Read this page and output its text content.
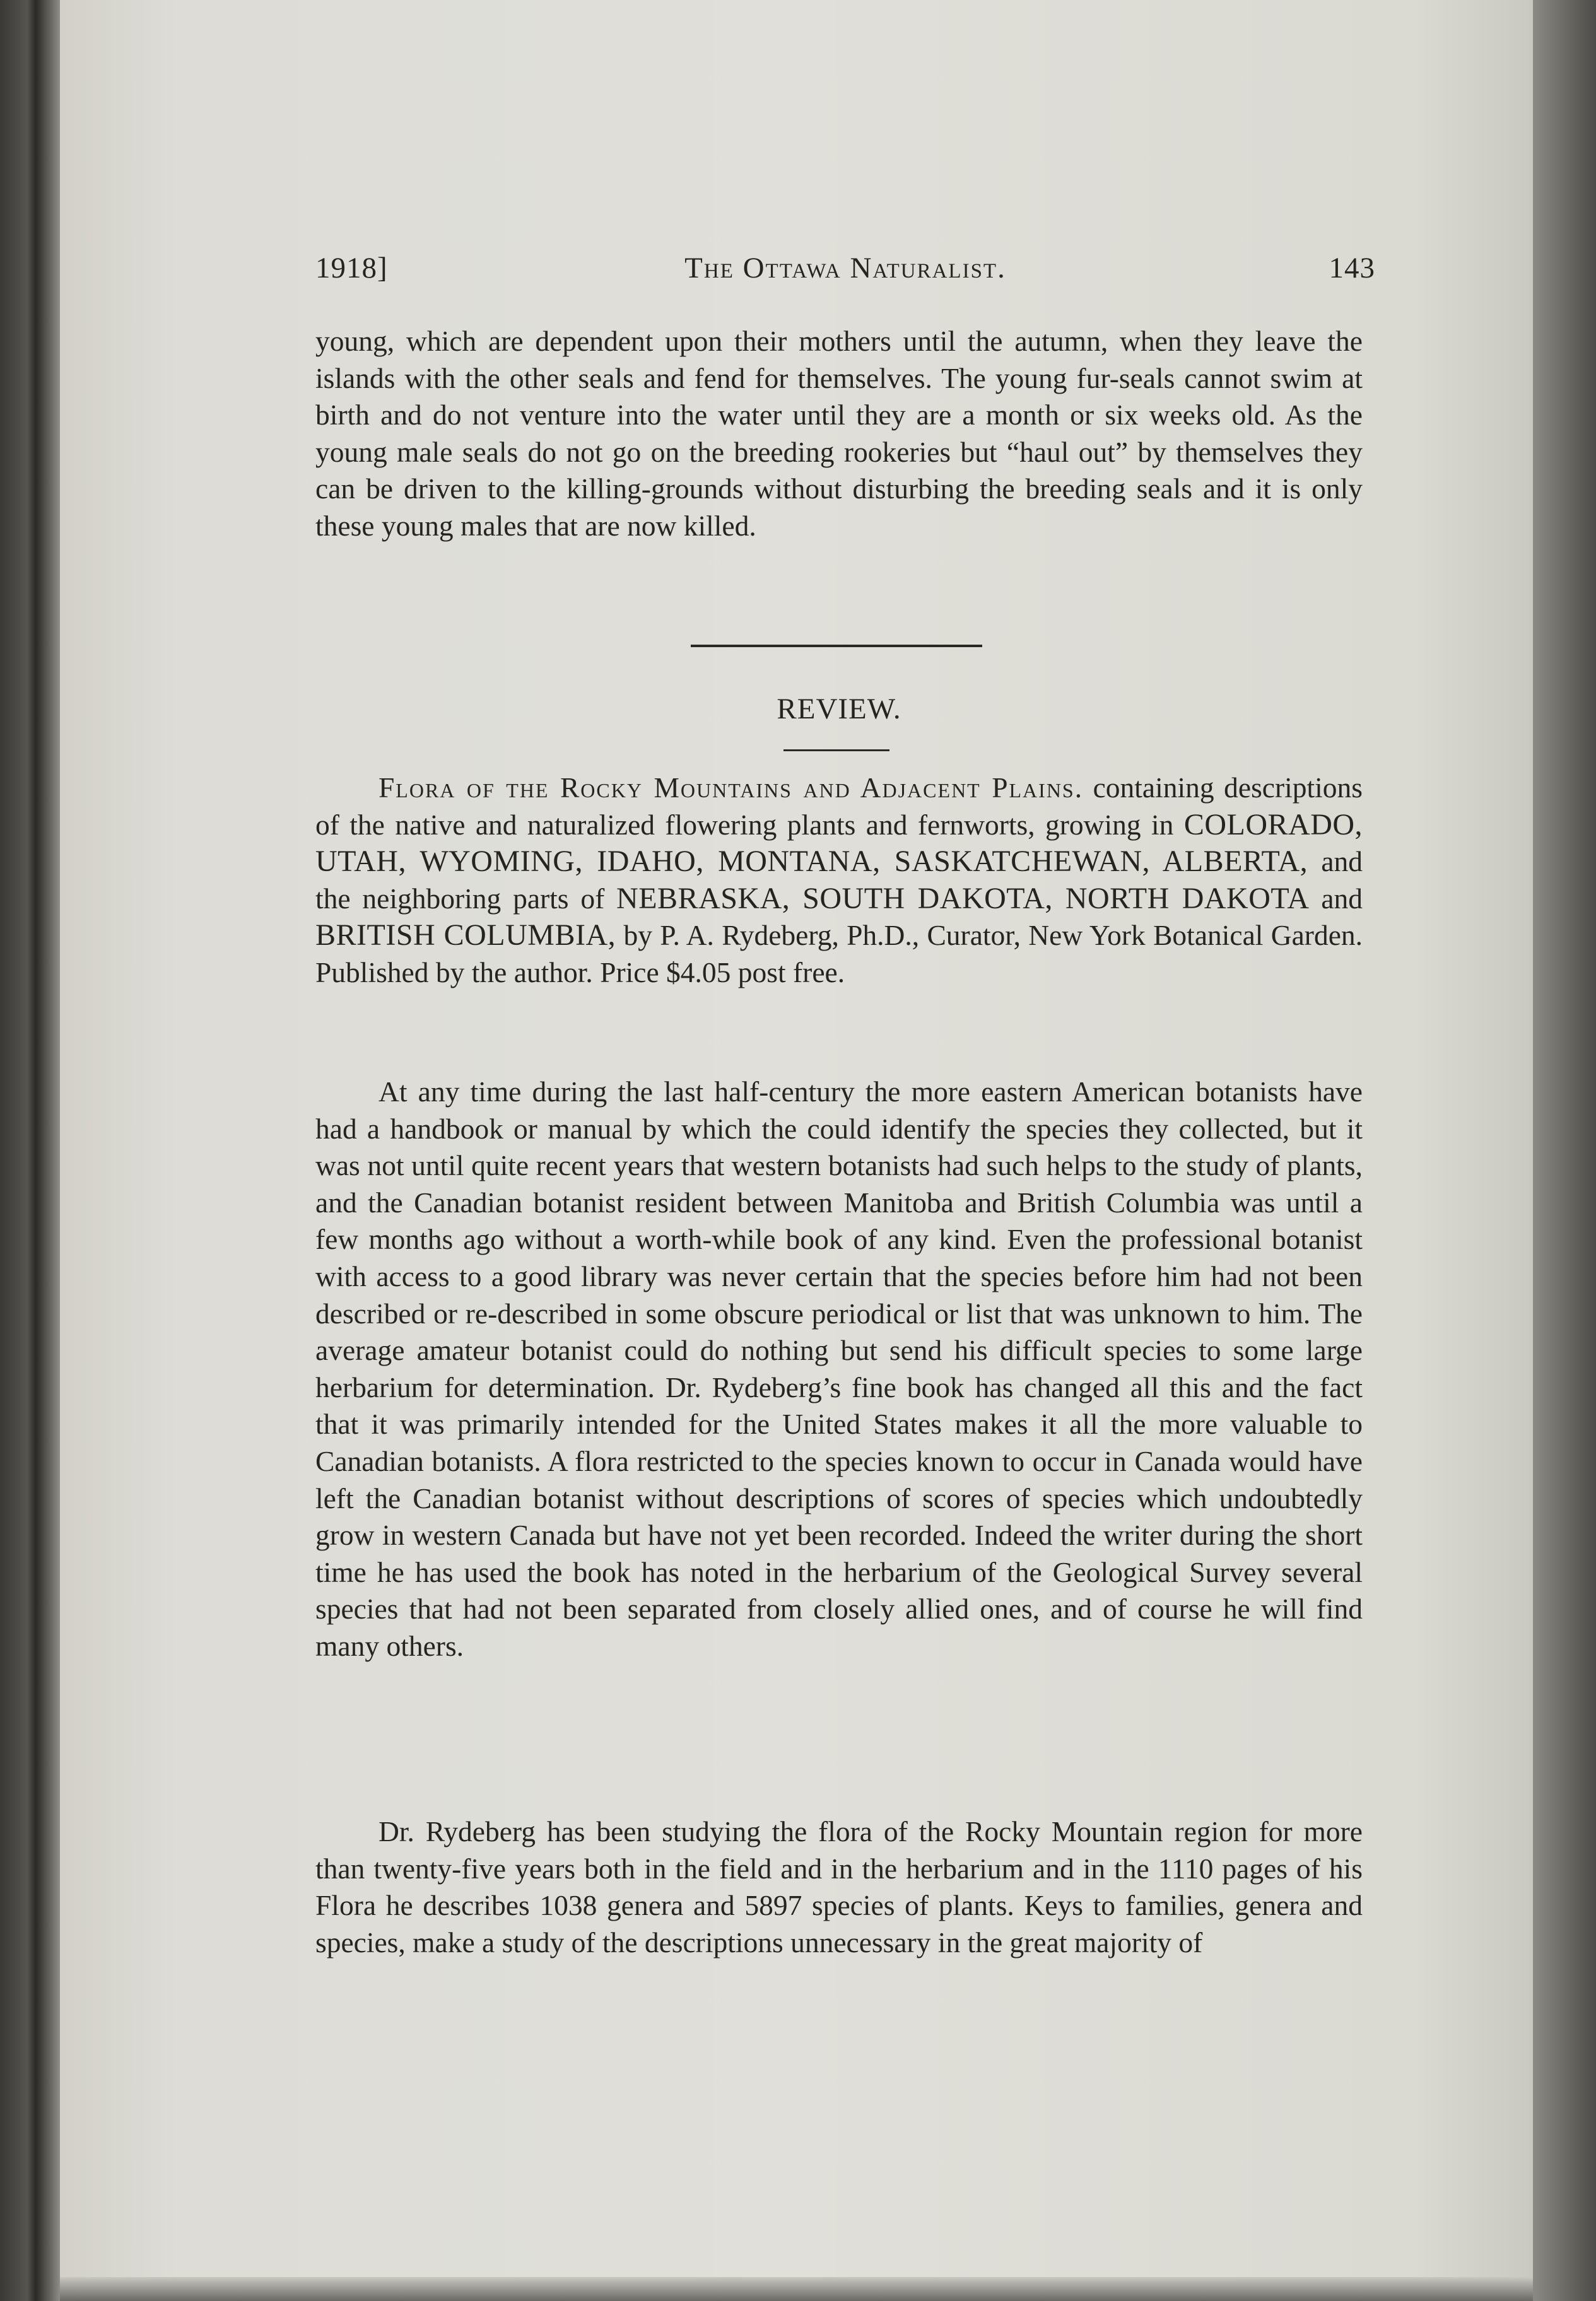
1918]	The Ottawa Naturalist.	143

young, which are dependent upon their mothers until the autumn, when they leave the islands with the other seals and fend for themselves. The young fur-seals cannot swim at birth and do not venture into the water until they are a month or six weeks old. As the young male seals do not go on the breeding rookeries but “haul out” by themselves they can be driven to the killing-grounds without disturbing the breeding seals and it is only these young males that are now killed.

REVIEW.

Flora of the Rocky Mountains and Adjacent Plains. containing descriptions of the native and naturalized flowering plants and fernworts, growing in COLORADO, UTAH, WYOMING, IDAHO, MONTANA, SASKATCHEWAN, ALBERTA, and the neighboring parts of NEBRASKA, SOUTH DAKOTA, NORTH DAKOTA and BRITISH COLUMBIA, by P. A. Rydeberg, Ph.D., Curator, New York Botanical Garden. Published by the author. Price $4.05 post free.

At any time during the last half-century the more eastern American botanists have had a handbook or manual by which the could identify the species they collected, but it was not until quite recent years that western botanists had such helps to the study of plants, and the Canadian botanist resident between Manitoba and British Columbia was until a few months ago without a worth-while book of any kind. Even the professional botanist with access to a good library was never certain that the species before him had not been described or re-described in some obscure periodical or list that was unknown to him. The average amateur botanist could do nothing but send his difficult species to some large herbarium for determination. Dr. Rydeberg’s fine book has changed all this and the fact that it was primarily intended for the United States makes it all the more valuable to Canadian botanists. A flora restricted to the species known to occur in Canada would have left the Canadian botanist without descriptions of scores of species which undoubtedly grow in western Canada but have not yet been recorded. Indeed the writer during the short time he has used the book has noted in the herbarium of the Geological Survey several species that had not been separated from closely allied ones, and of course he will find many others.

Dr. Rydeberg has been studying the flora of the Rocky Mountain region for more than twenty-five years both in the field and in the herbarium and in the 1110 pages of his Flora he describes 1038 genera and 5897 species of plants. Keys to families, genera and species, make a study of the descriptions unnecessary in the great majority of
